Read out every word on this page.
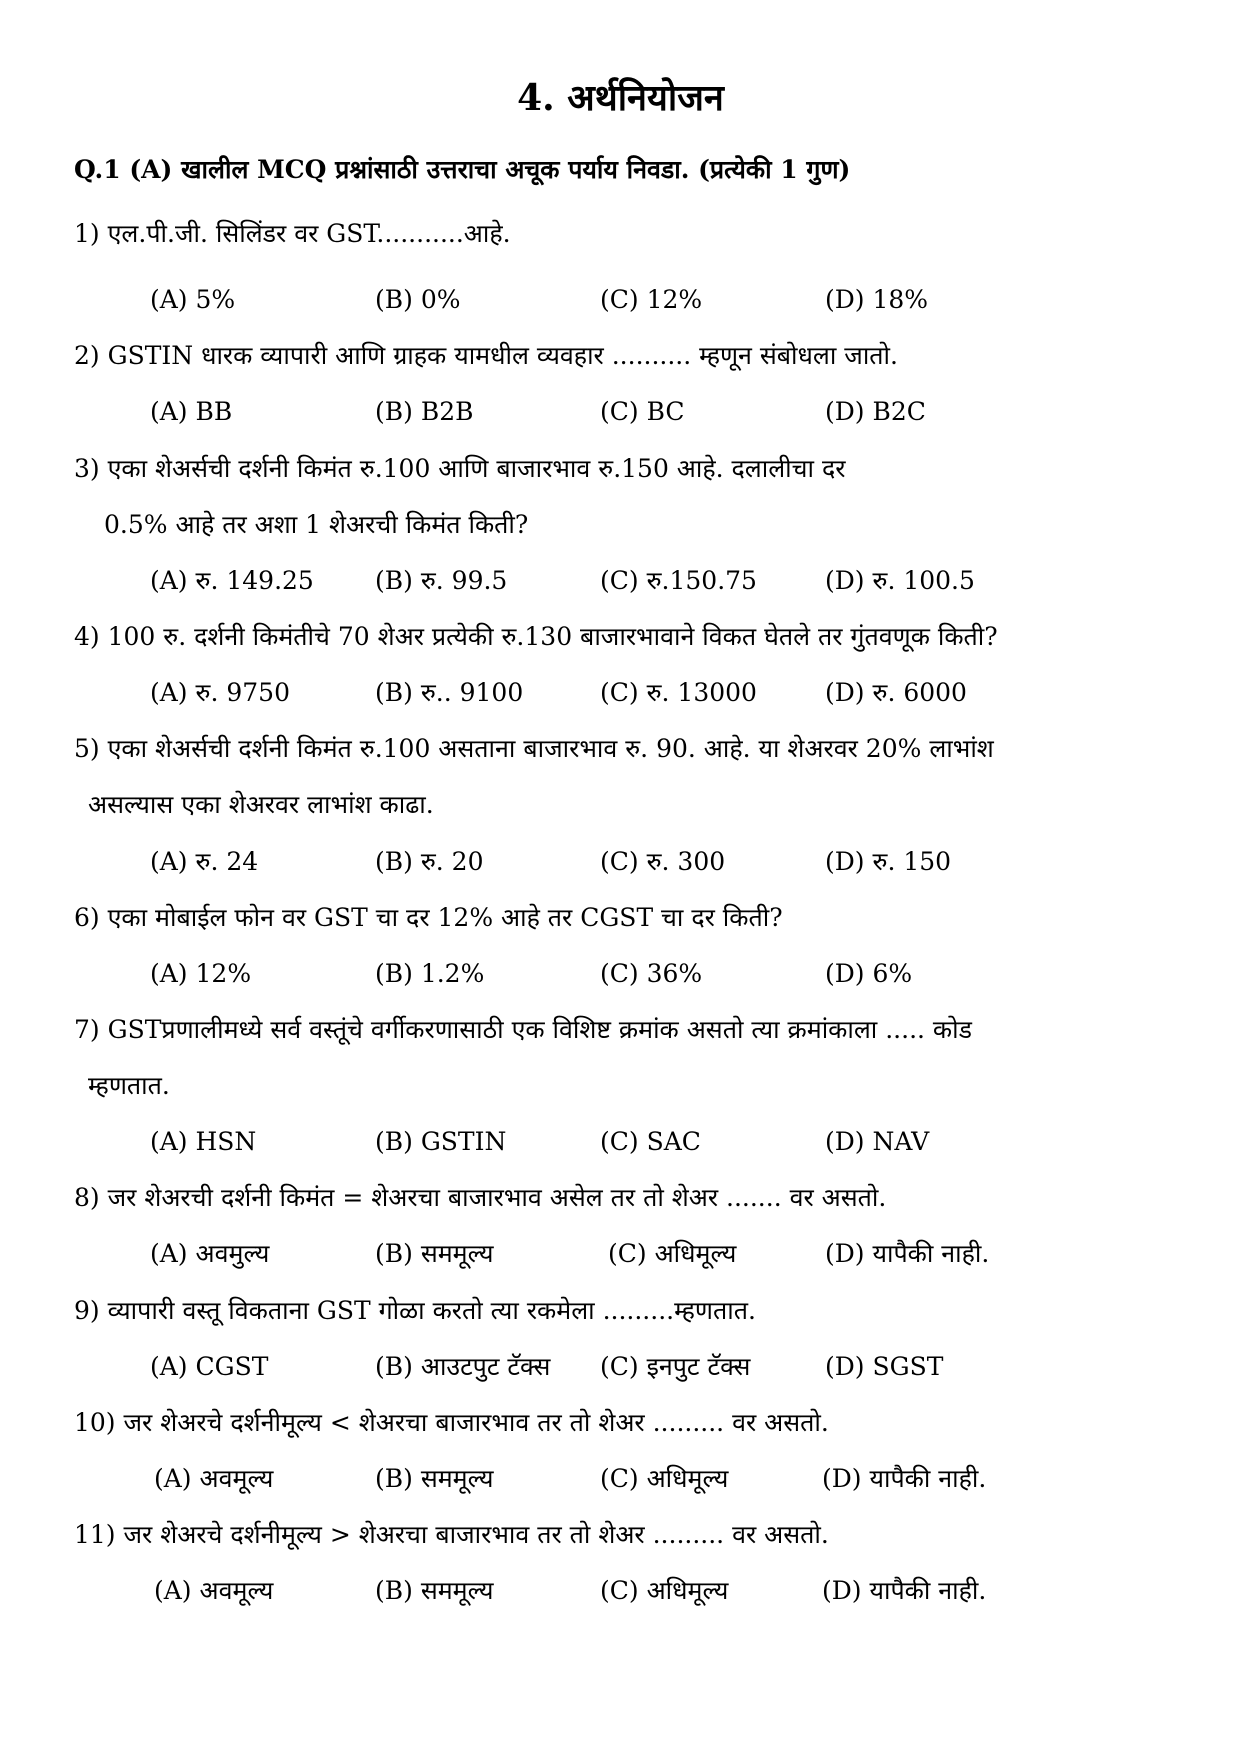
4. अर्थनियोजन
Q.1 (A) खालील MCQ प्रश्नांसाठी उत्तराचा अचूक पर्याय निवडा. (प्रत्येकी 1 गुण)
1) एल.पी.जी. सिलिंडर वर GST...........आहे.
(A) 5%	(B) 0%	(C) 12%	(D) 18%
2) GSTIN धारक व्यापारी आणि ग्राहक यामधील व्यवहार .......... म्हणून संबोधला जातो.
(A) BB	(B) B2B	(C) BC	(D) B2C
3) एका शेअर्सची दर्शनी किमंत रु.100 आणि बाजारभाव रु.150 आहे. दलालीचा दर
0.5% आहे तर अशा 1 शेअरची किमंत किती?
(A) रु. 149.25 (B) रु. 99.5	(C) रु.150.75	(D) रु. 100.5
4) 100 रु. दर्शनी किमंतीचे 70 शेअर प्रत्येकी रु.130 बाजारभावाने विकत घेतले तर गुंतवणूक किती?
(A) रु. 9750	(B) रु.. 9100	(C) रु. 13000	(D) रु. 6000
5) एका शेअर्सची दर्शनी किमंत रु.100 असताना बाजारभाव रु. 90. आहे. या शेअरवर 20% लाभांश
असल्यास एका शेअरवर लाभांश काढा.
(A) रु. 24	(B) रु. 20	(C) रु. 300	(D) रु. 150
6) एका मोबाईल फोन वर GST चा दर 12% आहे तर CGST चा दर किती?
(A) 12%	(B) 1.2%	(C) 36%	(D) 6%
7) GSTप्रणालीमध्ये सर्व वस्तूंचे वर्गीकरणासाठी एक विशिष्ट क्रमांक असतो त्या क्रमांकाला ..... कोड
म्हणतात.
(A) HSN	(B) GSTIN	(C) SAC	(D) NAV
8) जर शेअरची दर्शनी किमंत = शेअरचा बाजारभाव असेल तर तो शेअर ....... वर असतो.
(A) अवमुल्य	(B) सममूल्य	(C) अधिमूल्य	(D) यापैकी नाही.
9) व्यापारी वस्तू विकताना GST गोळा करतो त्या रकमेला .........म्हणतात.
(A) CGST	(B) आउटपुट टॅक्स (C) इनपुट टॅक्स	(D) SGST
10) जर शेअरचे दर्शनीमूल्य < शेअरचा बाजारभाव तर तो शेअर ......... वर असतो.
(A) अवमूल्य	(B) सममूल्य	(C) अधिमूल्य	(D) यापैकी नाही.
11) जर शेअरचे दर्शनीमूल्य > शेअरचा बाजारभाव तर तो शेअर ......... वर असतो.
(A) अवमूल्य	(B) सममूल्य	(C) अधिमूल्य	(D) यापैकी नाही.
